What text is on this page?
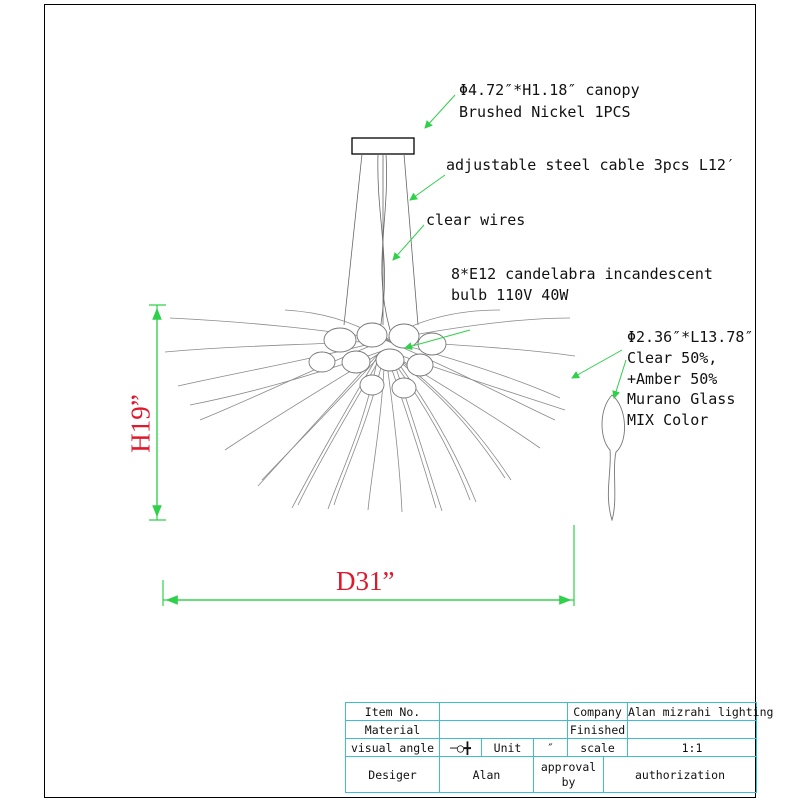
Φ4.72″*H1.18″ canopy
Brushed Nickel 1PCS
adjustable steel cable 3pcs L12′
clear wires
8*E12 candelabra incandescent
bulb 110V 40W
Φ2.36″*L13.78″
Clear 50%,
+Amber 50%
Murano Glass
MIX Color
H19”
D31”
Item No.				Company		Alan mizrahi lighting
Material				Finished		
visual angle	─◯╋	Unit	″	scale		1:1
Desiger	Alan		approval by		authorization	
